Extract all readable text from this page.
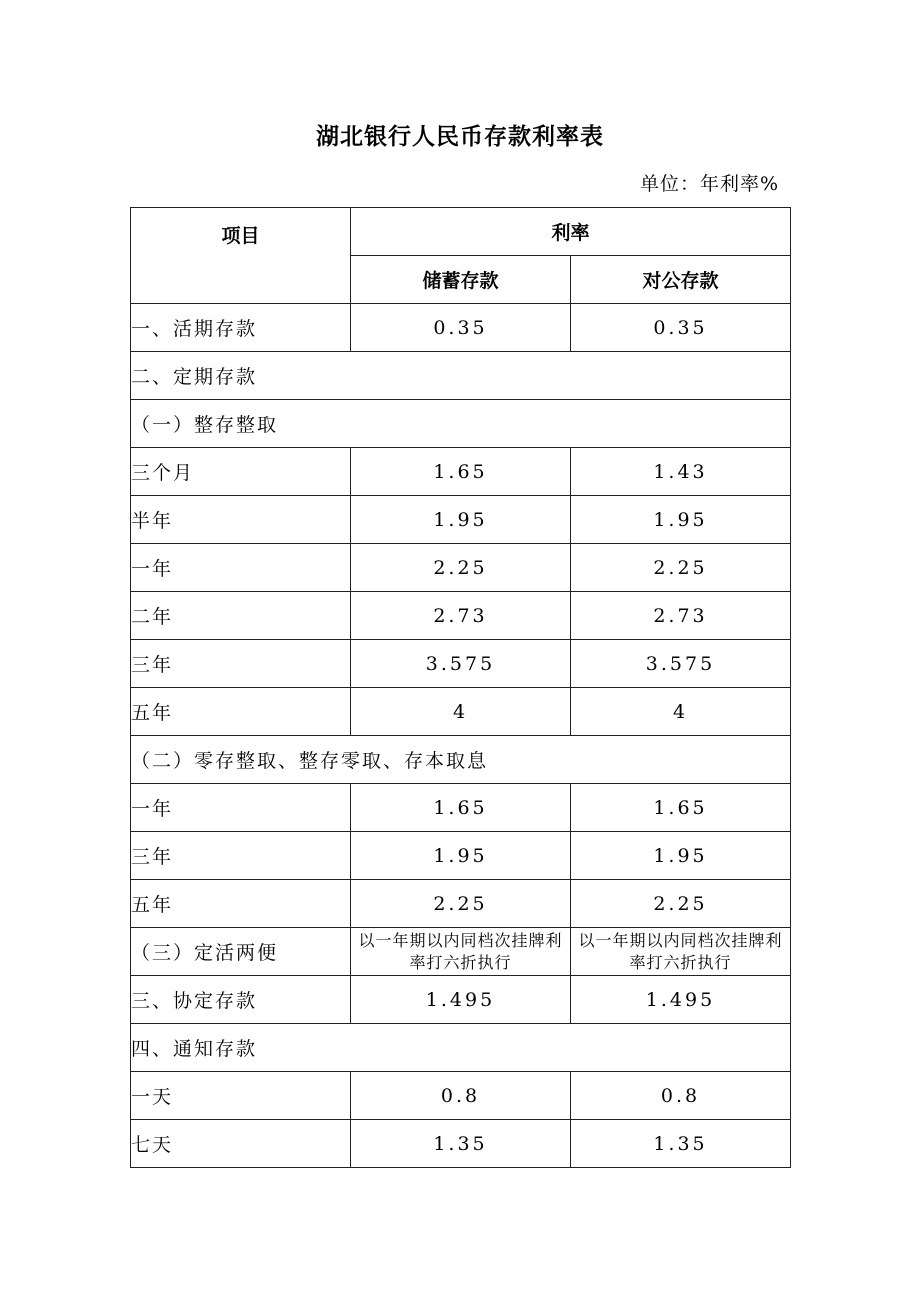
湖北银行人民币存款利率表
单位：年利率%
项目	利率	
	储蓄存款	对公存款
一、活期存款	0.35	0.35
二、定期存款		
（一）整存整取		
三个月	1.65	1.43
半年	1.95	1.95
一年	2.25	2.25
二年	2.73	2.73
三年	3.575	3.575
五年	4	4
（二）零存整取、整存零取、存本取息		
一年	1.65	1.65
三年	1.95	1.95
五年	2.25	2.25
（三）定活两便	以一年期以内同档次挂牌利率打六折执行	以一年期以内同档次挂牌利率打六折执行
三、协定存款	1.495	1.495
四、通知存款		
一天	0.8	0.8
七天	1.35	1.35
